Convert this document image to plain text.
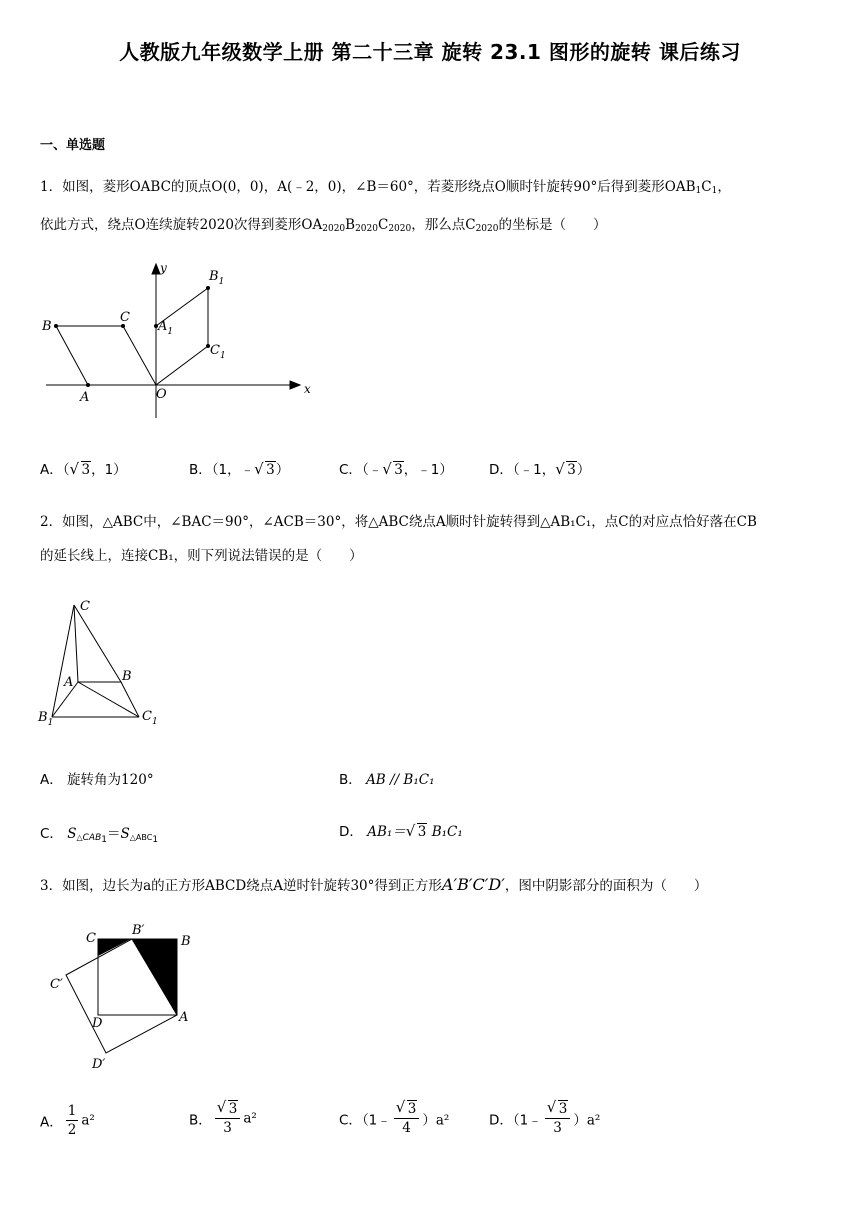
人教版九年级数学上册 第二十三章 旋转 23.1 图形的旋转 课后练习
一、单选题
1．如图，菱形OABC的顶点O(0，0)，A(﹣2，0)，∠B＝60°，若菱形绕点O顺时针旋转90°后得到菱形$OAB_1C_1$，
依此方式，绕点O连续旋转2020次得到菱形$OA_{2020}B_{2020}C_{2020}$，那么点$C_{2020}$的坐标是（　　）
B
C
A	O	x
y
$A_1$
$B_1$
$C_1$
A．（ √ 3，1）	B．（1，﹣ √ 3）	C．（﹣ √ 3，﹣1）	D．（﹣1， √ 3）
2．如图，△ABC中，∠BAC＝90°，∠ACB＝30°，将△ABC绕点A顺时针旋转得到△AB₁C₁，点C的对应点恰好落在CB
的延长线上，连接CB₁，则下列说法错误的是（　　）
C
A	B
$B_1$	$C_1$
A． 旋转角为120°	B． AB // B₁C₁
C． $S_{\triangle CAB_1}=S_{\triangle ABC_1}$	D． AB₁＝ √ 3 B₁C₁
3．如图，边长为a的正方形ABCD绕点A逆时针旋转30°得到正方形A′B′C′D′，图中阴影部分的面积为（　　）
C
B′
B
C′
D	A
D′
A． $\frac{1}{2} a^2$	B． √ $\frac{3}{3} a^2$	C．（1﹣ √ $\frac{3}{4} )a^2$	D．（1﹣ √ $\frac{3}{3} )a^2$
